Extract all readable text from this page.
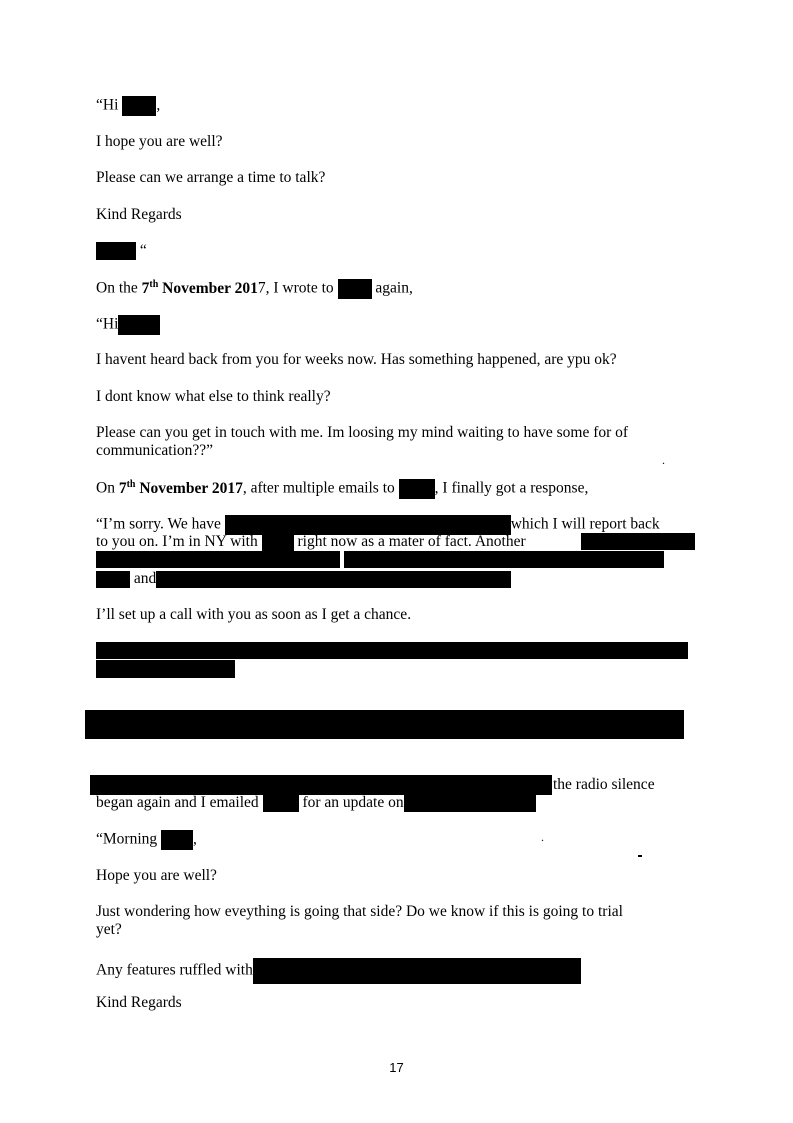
“Hi ,
I hope you are well?
Please can we arrange a time to talk?
Kind Regards
“
On the 7th November 2017, I wrote to	again,
“Hi
I havent heard back from you for weeks now. Has something happened, are ypu ok?
I dont know what else to think really?
Please can you get in touch with me. Im loosing my mind waiting to have some for of
communication??”
.
On 7th November 2017, after multiple emails to	, I finally got a response,
“I’m sorry. We have	which I will report back
to you on. I’m in NY with	right now as a mater of fact. Another
and
I’ll set up a call with you as soon as I get a chance.
the radio silence
began again and I emailed	for an update on
“Morning ,	.
Hope you are well?
Just wondering how eveything is going that side? Do we know if this is going to trial
yet?
Any features ruffled with
Kind Regards
17
